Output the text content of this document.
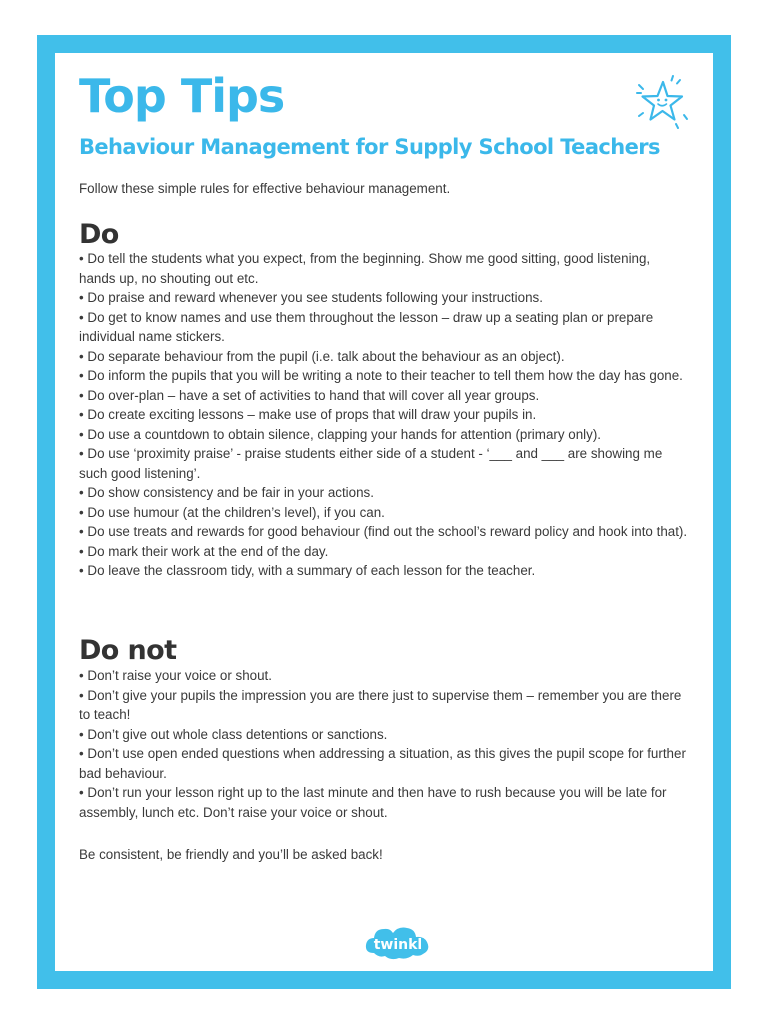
Top Tips
Behaviour Management for Supply School Teachers

Follow these simple rules for effective behaviour management.

Do
• Do tell the students what you expect, from the beginning. Show me good sitting, good listening, hands up, no shouting out etc.
• Do praise and reward whenever you see students following your instructions.
• Do get to know names and use them throughout the lesson – draw up a seating plan or prepare individual name stickers.
• Do separate behaviour from the pupil (i.e. talk about the behaviour as an object).
• Do inform the pupils that you will be writing a note to their teacher to tell them how the day has gone.
• Do over-plan – have a set of activities to hand that will cover all year groups.
• Do create exciting lessons – make use of props that will draw your pupils in.
• Do use a countdown to obtain silence, clapping your hands for attention (primary only).
• Do use ‘proximity praise’ - praise students either side of a student - ‘___ and ___ are showing me such good listening’.
• Do show consistency and be fair in your actions.
• Do use humour (at the children’s level), if you can.
• Do use treats and rewards for good behaviour (find out the school’s reward policy and hook into that).
• Do mark their work at the end of the day.
• Do leave the classroom tidy, with a summary of each lesson for the teacher.
Do not
• Don’t raise your voice or shout.
• Don’t give your pupils the impression you are there just to supervise them – remember you are there to teach!
• Don’t give out whole class detentions or sanctions.
• Don’t use open ended questions when addressing a situation, as this gives the pupil scope for further bad behaviour.
• Don’t run your lesson right up to the last minute and then have to rush because you will be late for assembly, lunch etc. Don’t raise your voice or shout.

Be consistent, be friendly and you’ll be asked back!

twinkl
